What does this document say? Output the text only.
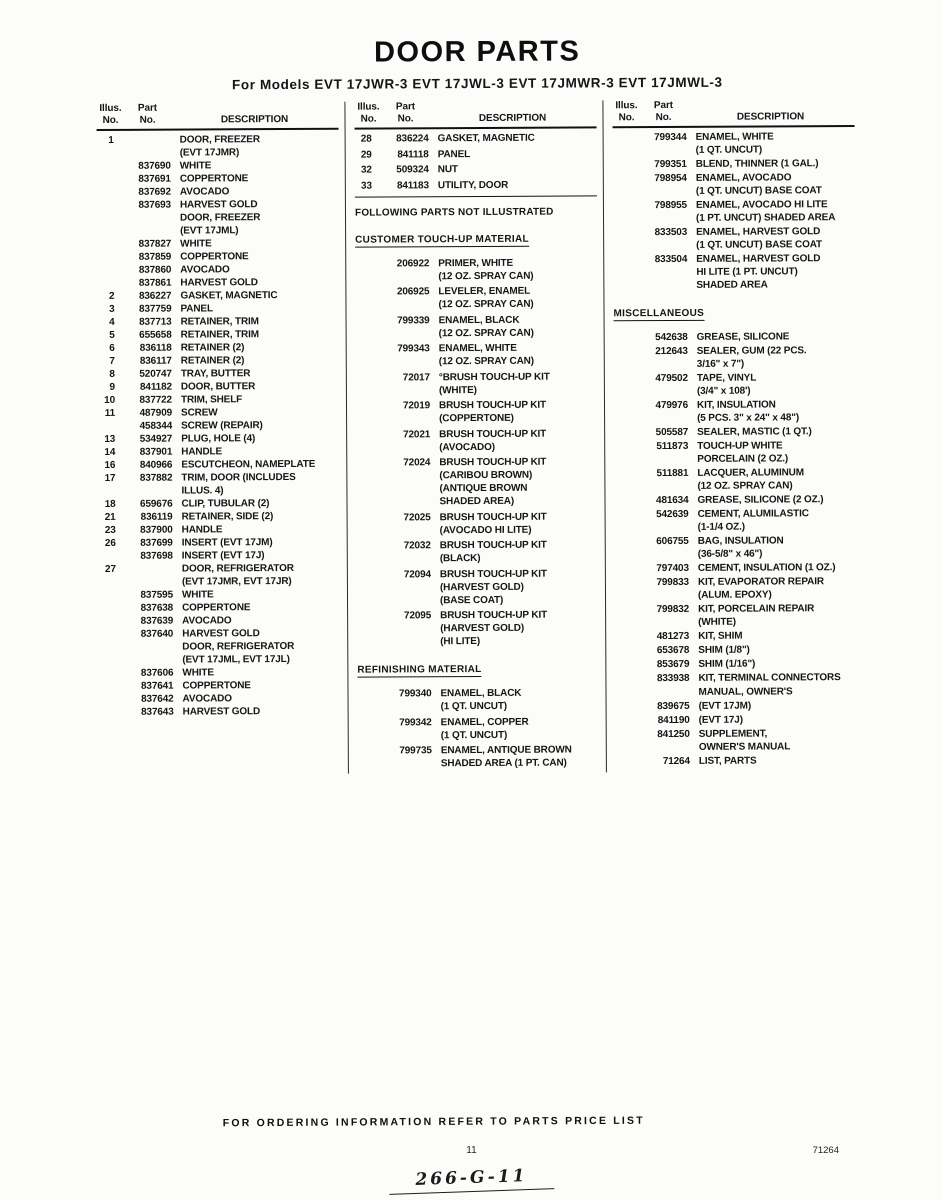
DOOR PARTS
For Models EVT 17JWR-3 EVT 17JWL-3 EVT 17JMWR-3 EVT 17JMWL-3
Illus.	Part
No.	No.	DESCRIPTION
1	DOOR, FREEZER
(EVT 17JMR)
837690 WHITE
837691 COPPERTONE
837692 AVOCADO
837693 HARVEST GOLD
DOOR, FREEZER
(EVT 17JML)
837827 WHITE
837859 COPPERTONE
837860 AVOCADO
837861 HARVEST GOLD
2	836227 GASKET, MAGNETIC
3	837759 PANEL
4	837713 RETAINER, TRIM
5	655658 RETAINER, TRIM
6	836118 RETAINER (2)
7	836117 RETAINER (2)
8	520747 TRAY, BUTTER
9	841182 DOOR, BUTTER
10	837722 TRIM, SHELF
11	487909 SCREW
458344 SCREW (REPAIR)
13	534927 PLUG, HOLE (4)
14	837901 HANDLE
16	840966 ESCUTCHEON, NAMEPLATE
17	837882 TRIM, DOOR (INCLUDES
ILLUS. 4)
18	659676 CLIP, TUBULAR (2)
21	836119 RETAINER, SIDE (2)
23	837900 HANDLE
26	837699 INSERT (EVT 17JM)
837698 INSERT (EVT 17J)
27	DOOR, REFRIGERATOR
(EVT 17JMR, EVT 17JR)
837595 WHITE
837638 COPPERTONE
837639 AVOCADO
837640 HARVEST GOLD
DOOR, REFRIGERATOR
(EVT 17JML, EVT 17JL)
837606 WHITE
837641 COPPERTONE
837642 AVOCADO
837643 HARVEST GOLD
Illus.	Part
No.	No.	DESCRIPTION
28	836224 GASKET, MAGNETIC
29	841118 PANEL
32	509324 NUT
33	841183 UTILITY, DOOR
FOLLOWING PARTS NOT ILLUSTRATED
CUSTOMER TOUCH-UP MATERIAL
206922 PRIMER, WHITE
(12 OZ. SPRAY CAN)
206925 LEVELER, ENAMEL
(12 OZ. SPRAY CAN)
799339 ENAMEL, BLACK
(12 OZ. SPRAY CAN)
799343 ENAMEL, WHITE
(12 OZ. SPRAY CAN)
72017 °BRUSH TOUCH-UP KIT
(WHITE)
72019 BRUSH TOUCH-UP KIT
(COPPERTONE)
72021 BRUSH TOUCH-UP KIT
(AVOCADO)
72024 BRUSH TOUCH-UP KIT
(CARIBOU BROWN)
(ANTIQUE BROWN
SHADED AREA)
72025 BRUSH TOUCH-UP KIT
(AVOCADO HI LITE)
72032 BRUSH TOUCH-UP KIT
(BLACK)
72094 BRUSH TOUCH-UP KIT
(HARVEST GOLD)
(BASE COAT)
72095 BRUSH TOUCH-UP KIT
(HARVEST GOLD)
(HI LITE)
REFINISHING MATERIAL
799340 ENAMEL, BLACK
(1 QT. UNCUT)
799342 ENAMEL, COPPER
(1 QT. UNCUT)
799735 ENAMEL, ANTIQUE BROWN
SHADED AREA (1 PT. CAN)
Illus.	Part
No.	No.	DESCRIPTION
799344 ENAMEL, WHITE
(1 QT. UNCUT)
799351 BLEND, THINNER (1 GAL.)
798954 ENAMEL, AVOCADO
(1 QT. UNCUT) BASE COAT
798955 ENAMEL, AVOCADO HI LITE
(1 PT. UNCUT) SHADED AREA
833503 ENAMEL, HARVEST GOLD
(1 QT. UNCUT) BASE COAT
833504 ENAMEL, HARVEST GOLD
HI LITE (1 PT. UNCUT)
SHADED AREA
MISCELLANEOUS
542638 GREASE, SILICONE
212643 SEALER, GUM (22 PCS.
3/16" x 7")
479502 TAPE, VINYL
(3/4" x 108')
479976 KIT, INSULATION
(5 PCS. 3" x 24" x 48")
505587 SEALER, MASTIC (1 QT.)
511873 TOUCH-UP WHITE
PORCELAIN (2 OZ.)
511881 LACQUER, ALUMINUM
(12 OZ. SPRAY CAN)
481634 GREASE, SILICONE (2 OZ.)
542639 CEMENT, ALUMILASTIC
(1-1/4 OZ.)
606755 BAG, INSULATION
(36-5/8" x 46")
797403 CEMENT, INSULATION (1 OZ.)
799833 KIT, EVAPORATOR REPAIR
(ALUM. EPOXY)
799832 KIT, PORCELAIN REPAIR
(WHITE)
481273 KIT, SHIM
653678 SHIM (1/8")
853679 SHIM (1/16")
833938 KIT, TERMINAL CONNECTORS
MANUAL, OWNER'S
839675 (EVT 17JM)
841190 (EVT 17J)
841250 SUPPLEMENT,
OWNER'S MANUAL
71264 LIST, PARTS
FOR ORDERING INFORMATION REFER TO PARTS PRICE LIST
11	71264
266-G-11
